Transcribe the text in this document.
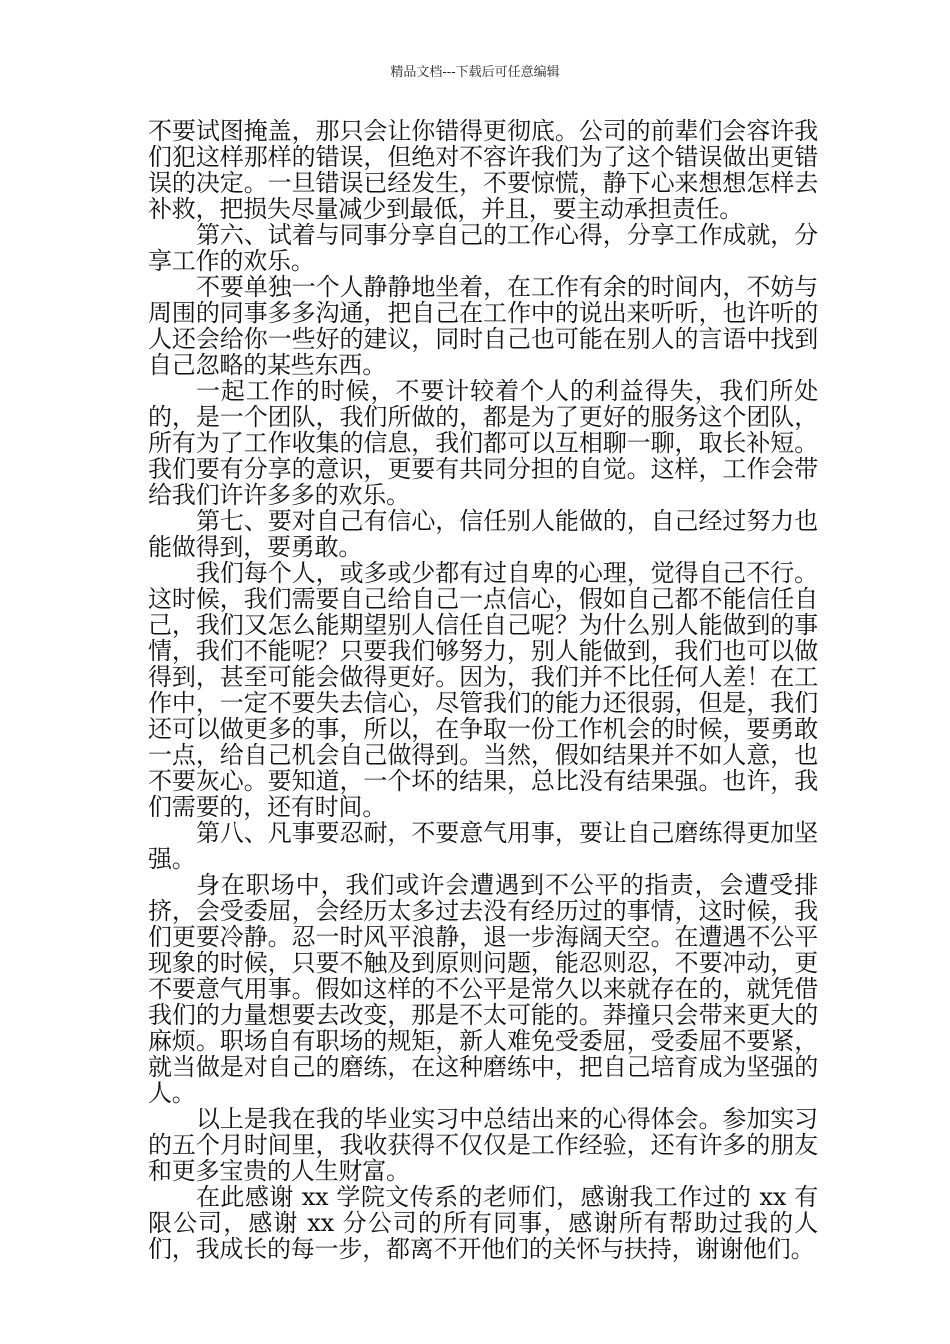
精品文档---下载后可任意编辑

不要试图掩盖，那只会让你错得更彻底。公司的前辈们会容许我们犯这样那样的错误，但绝对不容许我们为了这个错误做出更错误的决定。一旦错误已经发生，不要惊慌，静下心来想想怎样去补救，把损失尽量减少到最低，并且，要主动承担责任。

第六、试着与同事分享自己的工作心得，分享工作成就，分享工作的欢乐。

不要单独一个人静静地坐着，在工作有余的时间内，不妨与周围的同事多多沟通，把自己在工作中的说出来听听，也许听的人还会给你一些好的建议，同时自己也可能在别人的言语中找到自己忽略的某些东西。

一起工作的时候，不要计较着个人的利益得失，我们所处的，是一个团队，我们所做的，都是为了更好的服务这个团队，所有为了工作收集的信息，我们都可以互相聊一聊，取长补短。我们要有分享的意识，更要有共同分担的自觉。这样，工作会带给我们许许多多的欢乐。

第七、要对自己有信心，信任别人能做的，自己经过努力也能做得到，要勇敢。

我们每个人，或多或少都有过自卑的心理，觉得自己不行。这时候，我们需要自己给自己一点信心，假如自己都不能信任自己，我们又怎么能期望别人信任自己呢？为什么别人能做到的事情，我们不能呢？只要我们够努力，别人能做到，我们也可以做得到，甚至可能会做得更好。因为，我们并不比任何人差！在工作中，一定不要失去信心，尽管我们的能力还很弱，但是，我们还可以做更多的事，所以，在争取一份工作机会的时候，要勇敢一点，给自己机会自己做得到。当然，假如结果并不如人意，也不要灰心。要知道，一个坏的结果，总比没有结果强。也许，我们需要的，还有时间。

第八、凡事要忍耐，不要意气用事，要让自己磨练得更加坚强。

身在职场中，我们或许会遭遇到不公平的指责，会遭受排挤，会受委屈，会经历太多过去没有经历过的事情，这时候，我们更要冷静。忍一时风平浪静，退一步海阔天空。在遭遇不公平现象的时候，只要不触及到原则问题，能忍则忍，不要冲动，更不要意气用事。假如这样的不公平是常久以来就存在的，就凭借我们的力量想要去改变，那是不太可能的。莽撞只会带来更大的麻烦。职场自有职场的规矩，新人难免受委屈，受委屈不要紧，就当做是对自己的磨练，在这种磨练中，把自己培育成为坚强的人。

以上是我在我的毕业实习中总结出来的心得体会。参加实习的五个月时间里，我收获得不仅仅是工作经验，还有许多的朋友和更多宝贵的人生财富。

在此感谢 xx 学院文传系的老师们，感谢我工作过的 xx 有限公司，感谢 xx 分公司的所有同事，感谢所有帮助过我的人们，我成长的每一步，都离不开他们的关怀与扶持，谢谢他们。
